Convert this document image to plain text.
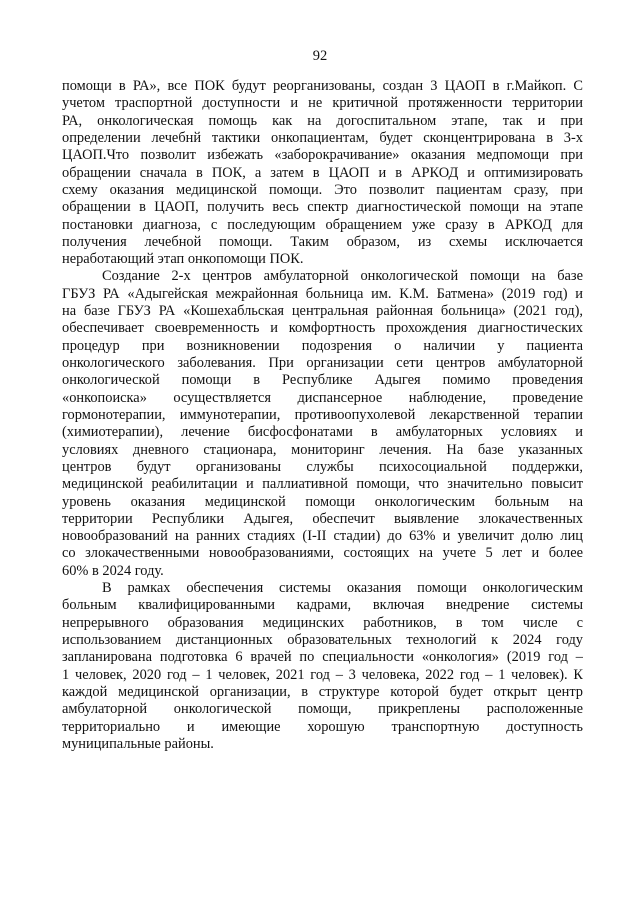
92
помощи в РА», все ПОК будут реорганизованы, создан 3 ЦАОП в г.Майкоп. С
учетом траспортной доступности и не критичной протяженности территории
РА, онкологическая помощь как на догоспитальном этапе, так и при
определении лечебнй тактики онкопациентам, будет сконцентрирована в 3-х
ЦАОП.Что позволит избежать «заборокрачивание» оказания медпомощи при
обращении сначала в ПОК, а затем в ЦАОП и в АРКОД и оптимизировать
схему оказания медицинской помощи. Это позволит пациентам сразу, при
обращении в ЦАОП, получить весь спектр диагностической помощи на этапе
постановки диагноза, с последующим обращением уже сразу в АРКОД для
получения лечебной помощи. Таким образом, из схемы исключается
неработающий этап онкопомощи ПОК.
Создание 2-х центров амбулаторной онкологической помощи на базе
ГБУЗ РА «Адыгейская межрайонная больница им. К.М. Батмена» (2019 год) и
на базе ГБУЗ РА «Кошехабльская центральная районная больница» (2021 год),
обеспечивает своевременность и комфортность прохождения диагностических
процедур при возникновении подозрения о наличии у пациента
онкологического заболевания. При организации сети центров амбулаторной
онкологической помощи в Республике Адыгея помимо проведения
«онкопоиска» осуществляется диспансерное наблюдение, проведение
гормонотерапии, иммунотерапии, противоопухолевой лекарственной терапии
(химиотерапии), лечение бисфосфонатами в амбулаторных условиях и
условиях дневного стационара, мониторинг лечения. На базе указанных
центров будут организованы службы психосоциальной поддержки,
медицинской реабилитации и паллиативной помощи, что значительно повысит
уровень оказания медицинской помощи онкологическим больным на
территории Республики Адыгея, обеспечит выявление злокачественных
новообразований на ранних стадиях (I-II стадии) до 63% и увеличит долю лиц
со злокачественными новообразованиями, состоящих на учете 5 лет и более
60% в 2024 году.
В рамках обеспечения системы оказания помощи онкологическим
больным квалифицированными кадрами, включая внедрение системы
непрерывного образования медицинских работников, в том числе с
использованием дистанционных образовательных технологий к 2024 году
запланирована подготовка 6 врачей по специальности «онкология» (2019 год –
1 человек, 2020 год – 1 человек, 2021 год – 3 человека, 2022 год – 1 человек). К
каждой медицинской организации, в структуре которой будет открыт центр
амбулаторной онкологической помощи, прикреплены расположенные
территориально и имеющие хорошую транспортную доступность
муниципальные районы.
